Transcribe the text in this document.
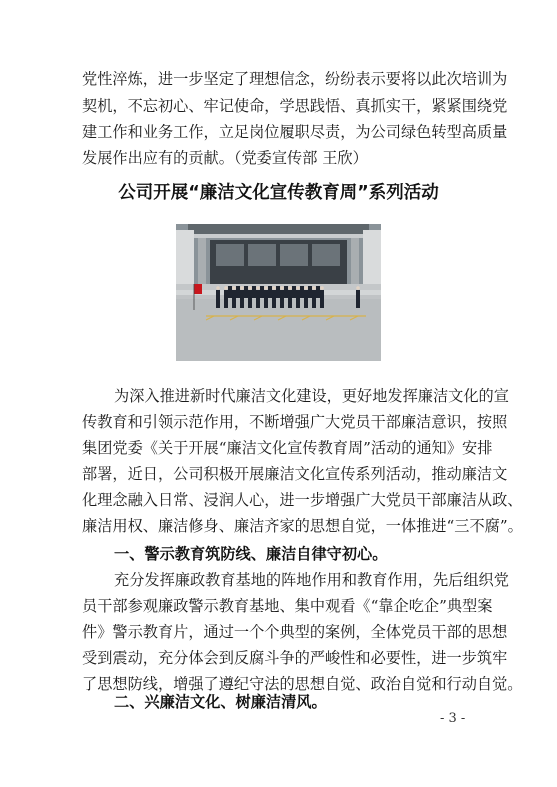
党性淬炼，进一步坚定了理想信念，纷纷表示要将以此次培训为
契机，不忘初心、牢记使命，学思践悟、真抓实干，紧紧围绕党
建工作和业务工作，立足岗位履职尽责，为公司绿色转型高质量
发展作出应有的贡献。（党委宣传部 王欣）
公司开展“廉洁文化宣传教育周”系列活动
为深入推进新时代廉洁文化建设，更好地发挥廉洁文化的宣
传教育和引领示范作用，不断增强广大党员干部廉洁意识，按照
集团党委《关于开展“廉洁文化宣传教育周”活动的通知》安排
部署，近日，公司积极开展廉洁文化宣传系列活动，推动廉洁文
化理念融入日常、浸润人心，进一步增强广大党员干部廉洁从政、
廉洁用权、廉洁修身、廉洁齐家的思想自觉，一体推进“三不腐”。
一、警示教育筑防线、廉洁自律守初心。
充分发挥廉政教育基地的阵地作用和教育作用，先后组织党
员干部参观廉政警示教育基地、集中观看《“靠企吃企”典型案
件》警示教育片，通过一个个典型的案例，全体党员干部的思想
受到震动，充分体会到反腐斗争的严峻性和必要性，进一步筑牢
了思想防线，增强了遵纪守法的思想自觉、政治自觉和行动自觉。
二、兴廉洁文化、树廉洁清风。
- 3 -
